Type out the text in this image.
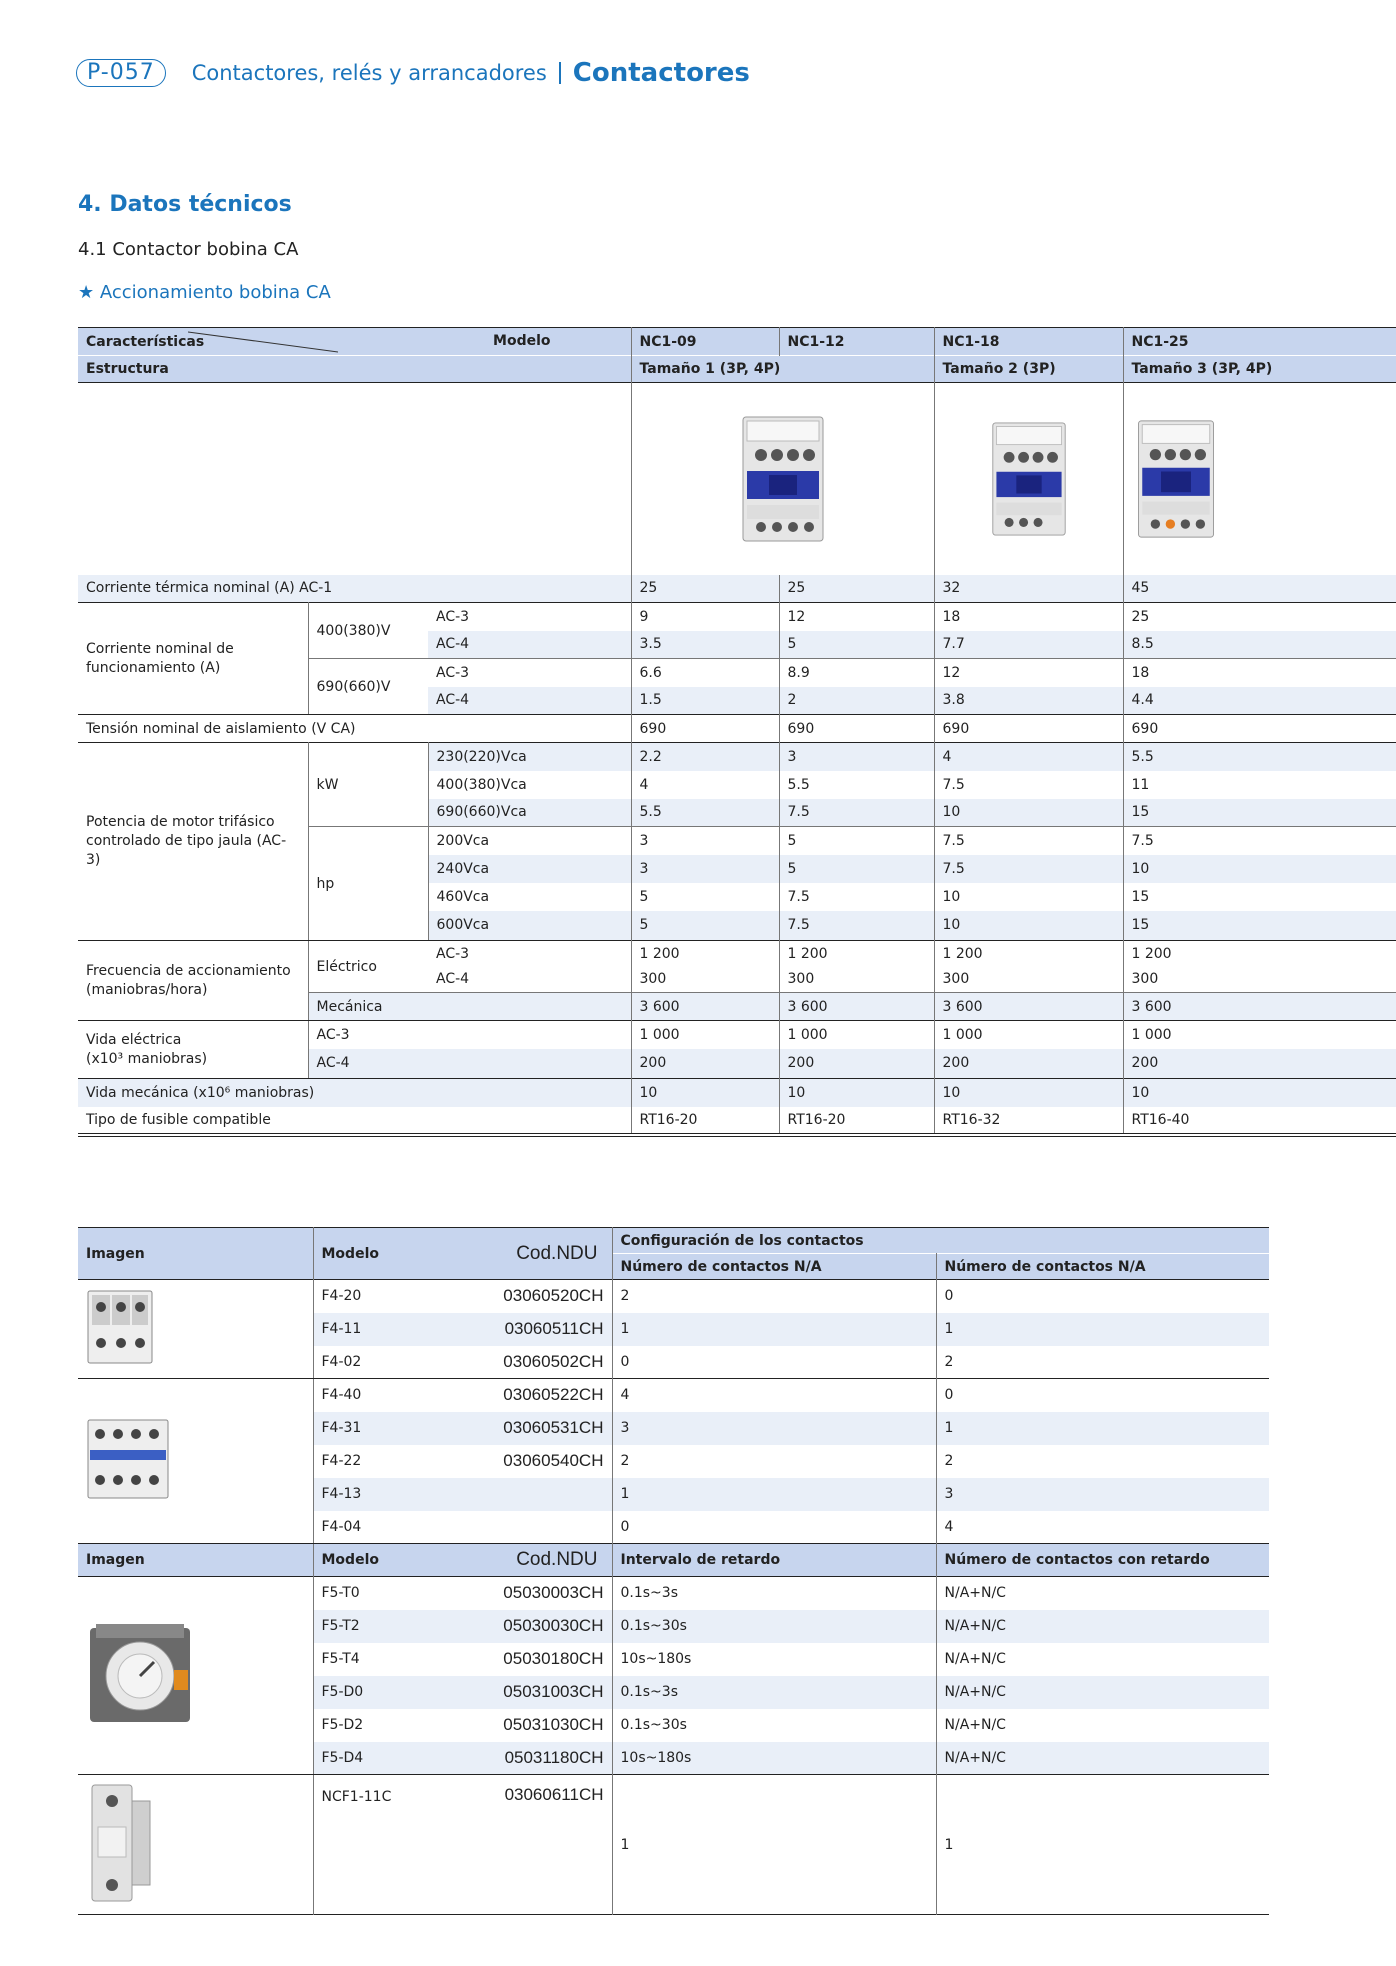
P-057	Contactores, relés y arrancadores Contactores
4. Datos técnicos
4.1 Contactor bobina CA
★ Accionamiento bobina CA
Características Modelo			NC1-09	NC1-12	NC1-18	NC1-25
Estructura			Tamaño 1 (3P, 4P)		Tamaño 2 (3P)	Tamaño 3 (3P, 4P)

Corriente térmica nominal (A) AC-1			25	25	32	45
Corriente nominal de funcionamiento (A)	400(380)V	AC-3	9	12	18	25
		AC-4	3.5	5	7.7	8.5
	690(660)V	AC-3	6.6	8.9	12	18
		AC-4	1.5	2	3.8	4.4
Tensión nominal de aislamiento (V CA)			690	690	690	690
Potencia de motor trifásico controlado de tipo jaula (AC-3)	kW	230(220)Vca	2.2	3	4	5.5
		400(380)Vca	4	5.5	7.5	11
		690(660)Vca	5.5	7.5	10	15
	hp	200Vca	3	5	7.5	7.5
		240Vca	3	5	7.5	10
		460Vca	5	7.5	10	15
		600Vca	5	7.5	10	15
Frecuencia de accionamiento (maniobras/hora)	Eléctrico	AC-3	1 200	1 200	1 200	1 200
		AC-4	300	300	300	300
	Mecánica		3 600	3 600	3 600	3 600
Vida eléctrica
(x10³ maniobras)	AC-3		1 000	1 000	1 000	1 000
	AC-4		200	200	200	200
Vida mecánica (x10⁶ maniobras)			10	10	10	10
Tipo de fusible compatible			RT16-20	RT16-20	RT16-32	RT16-40
Imagen	Modelo	Cod.NDU	Configuración de los contactos	
			Número de contactos N/A	Número de contactos N/A
	F4-20	03060520CH	2	0
	F4-11	03060511CH	1	1
	F4-02	03060502CH	0	2
	F4-40	03060522CH	4	0
	F4-31	03060531CH	3	1
	F4-22	03060540CH	2	2
	F4-13		1	3
	F4-04		0	4
Imagen	Modelo	Cod.NDU	Intervalo de retardo	Número de contactos con retardo
	F5-T0	05030003CH	0.1s~3s	N/A+N/C
	F5-T2	05030030CH	0.1s~30s	N/A+N/C
	F5-T4	05030180CH	10s~180s	N/A+N/C
	F5-D0	05031003CH	0.1s~3s	N/A+N/C
	F5-D2	05031030CH	0.1s~30s	N/A+N/C
	F5-D4	05031180CH	10s~180s	N/A+N/C
	NCF1-11C	03060611CH	1	1
